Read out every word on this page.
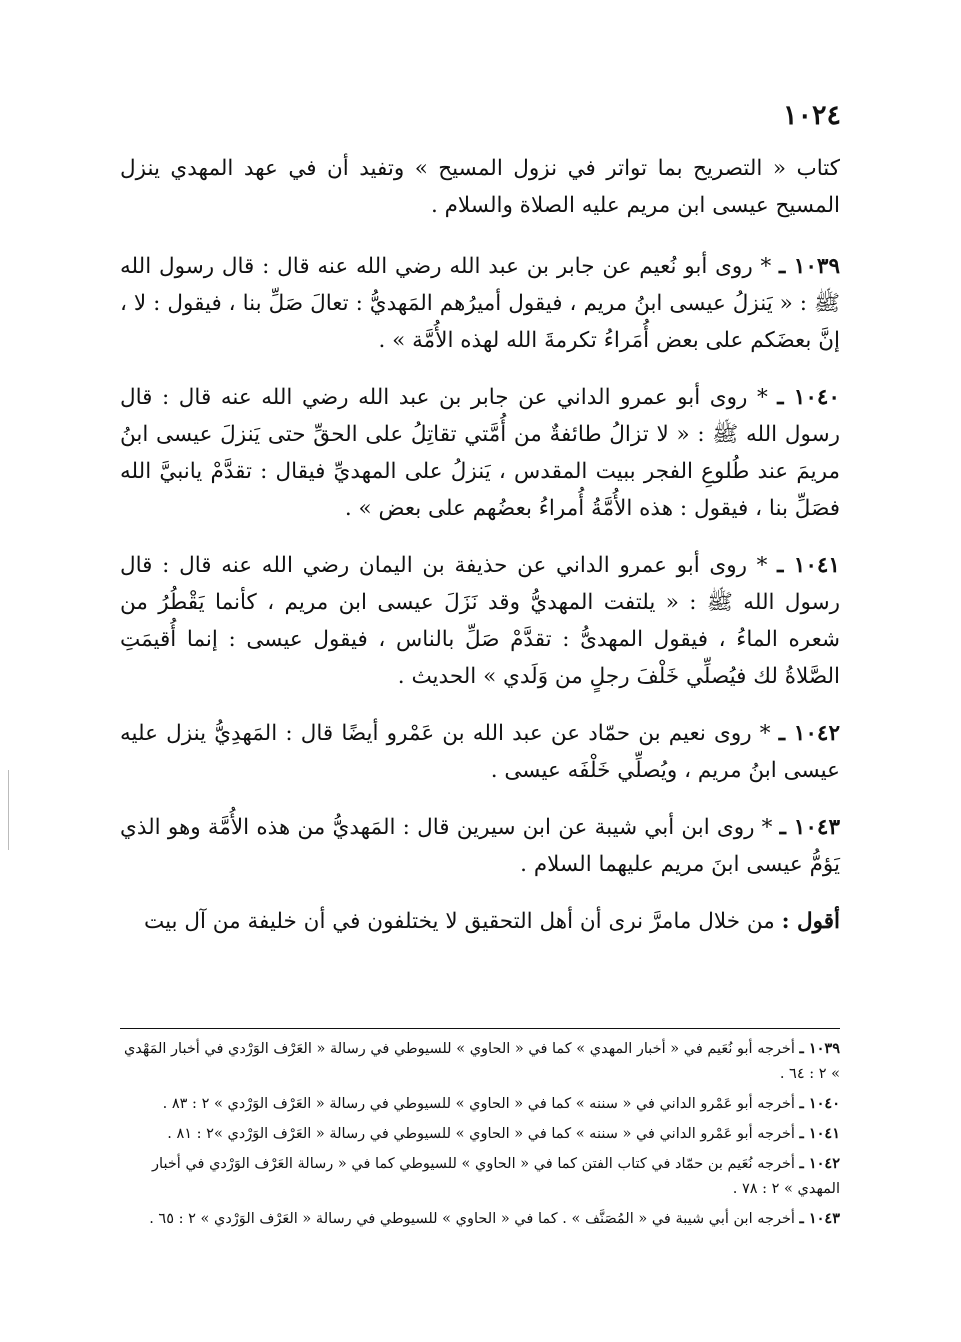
١٠٢٤

كتاب « التصريح بما تواتر في نزول المسيح » وتفيد أن في عهد المهدي ينزل المسيح عيسى ابن مريم عليه الصلاة والسلام .

١٠٣٩ ـ * روى أبو نُعيم عن جابر بن عبد الله رضي الله عنه قال : قال رسول الله ﷺ : « يَنزلُ عيسى ابنُ مريم ، فيقول أميرُهم المَهديُّ : تعالَ صَلِّ بنا ، فيقول : لا ، إنَّ بعضَكم على بعض أُمَراءُ تكرمةَ الله لهذه الأُمَّة » .

١٠٤٠ ـ * روى أبو عمرو الداني عن جابر بن عبد الله رضي الله عنه قال : قال رسول الله ﷺ : « لا تزالُ طائفةٌ من أُمَّتي تقاتِلُ على الحقِّ حتى يَنزلَ عيسى ابنُ مريمَ عند طُلوعِ الفجر ببيت المقدس ، يَنزلُ على المهديِّ فيقال : تقدَّمْ يانبيَّ الله فصَلِّ بنا ، فيقول : هذه الأُمَّةُ أُمراءُ بعضُهم على بعض » .

١٠٤١ ـ * روى أبو عمرو الداني عن حذيفة بن اليمان رضي الله عنه قال : قال رسول الله ﷺ : « يلتفت المهديُّ وقد نَزَلَ عيسى ابن مريم ، كأنما يَقْطُرُ من شعره الماءُ ، فيقول المهدىُّ : تقدَّمْ صَلِّ بالناس ، فيقول عيسى : إنما أُقيمَتِ الصَّلاةُ لك فيُصلِّي خَلْفَ رجلٍ من وَلَدي » الحديث .

١٠٤٢ ـ * روى نعيم بن حمّاد عن عبد الله بن عَمْرو أيضًا قال : المَهدِيُّ ينزل عليه عيسى ابنُ مريم ، ويُصلِّي خَلْفَه عيسى .

١٠٤٣ ـ * روى ابن أبي شيبة عن ابن سيرين قال : المَهديُّ من هذه الأُمَّة وهو الذي يَؤمُّ عيسى ابنَ مريم عليهما السلام .

أقول : من خلال مامرَّ نرى أن أهل التحقيق لا يختلفون في أن خليفة من آل بيت

١٠٣٩ ـ أخرجه أبو نُعَيم في « أخبار المهدي » كما في « الحاوي » للسيوطي في رسالة « العَرْف الوَرْدي في أخبار المَهْدي » ٢ : ٦٤ .

١٠٤٠ ـ أخرجه أبو عَمْرو الداني في « سننه » كما في « الحاوي » للسيوطي في رسالة « العَرْف الوَرْدي » ٢ : ٨٣ .

١٠٤١ ـ أخرجه أبو عَمْرو الداني في « سننه » كما في « الحاوي » للسيوطي في رسالة « العَرْف الوَرْدي »٢ : ٨١ .

١٠٤٢ ـ أخرجه نُعَيم بن حمّاد في كتاب الفتن كما في « الحاوي » للسيوطي كما في « رسالة العَرْف الوَرْدي في أخبار المهدي » ٢ : ٧٨ .

١٠٤٣ ـ أخرجه ابن أبي شيبة في « المُصَنَّف » . كما في « الحاوي » للسيوطي في رسالة « العَرْف الوَرْدي » ٢ : ٦٥ .
